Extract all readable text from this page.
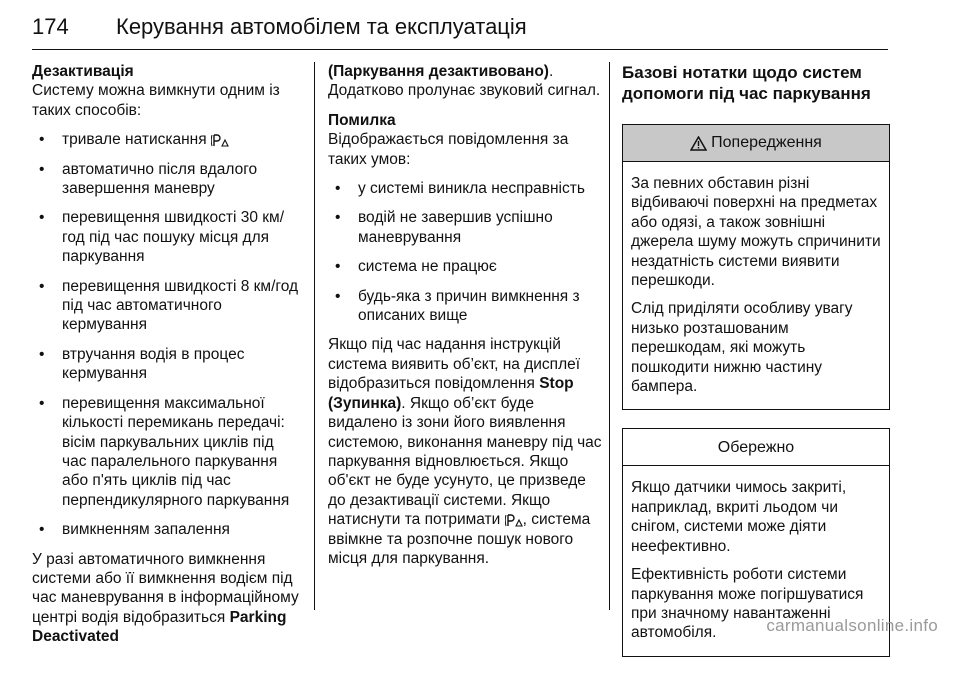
174 Керування автомобілем та експлуатація
Дезактивація
Систему можна вимкнути одним із таких способів:
• тривале натискання
• автоматично після вдалого завершення маневру
• перевищення швидкості 30 км/год під час пошуку місця для паркування
• перевищення швидкості 8 км/год під час автоматичного кермування
• втручання водія в процес кермування
• перевищення максимальної кількості перемикань передачі: вісім паркувальних циклів під час паралельного паркування або п'ять циклів під час перпендикулярного паркування
• вимкненням запалення
У разі автоматичного вимкнення системи або її вимкнення водієм під час маневрування в інформаційному центрі водія відобразиться Parking Deactivated
(Паркування дезактивовано). Додатково пролунає звуковий сигнал.
Помилка
Відображається повідомлення за таких умов:
• у системі виникла несправність
• водій не завершив успішно маневрування
• система не працює
• будь-яка з причин вимкнення з описаних вище
Якщо під час надання інструкцій система виявить об’єкт, на дисплеї відобразиться повідомлення Stop (Зупинка). Якщо об’єкт буде видалено із зони його виявлення системою, виконання маневру під час паркування відновлюється. Якщо об'єкт не буде усунуто, це призведе до дезактивації системи. Якщо натиснути та потримати , система ввімкне та розпочне пошук нового місця для паркування.
Базові нотатки щодо систем допомоги під час паркування
Попередження
За певних обставин різні відбиваючі поверхні на предметах або одязі, а також зовнішні джерела шуму можуть спричинити нездатність системи виявити перешкоди.
Слід приділяти особливу увагу низько розташованим перешкодам, які можуть пошкодити нижню частину бампера.
Обережно
Якщо датчики чимось закриті, наприклад, вкриті льодом чи снігом, системи може діяти неефективно.
Ефективність роботи системи паркування може погіршуватися при значному навантаженні автомобіля.	carmanualsonline.info
